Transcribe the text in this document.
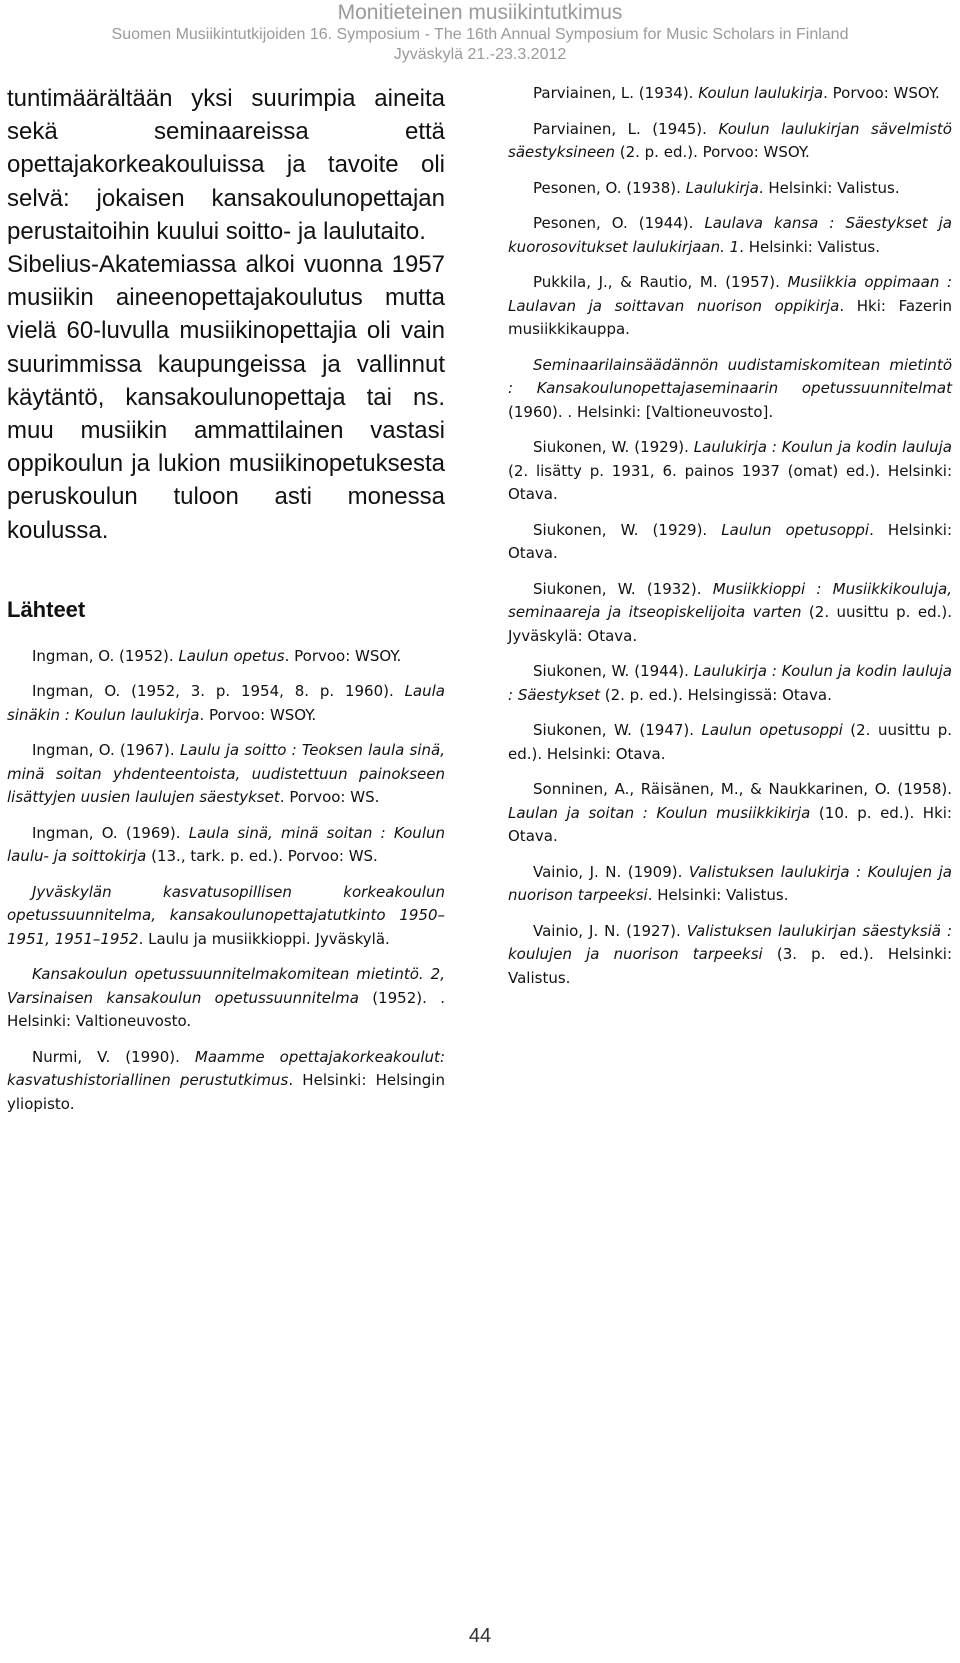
Monitieteinen musiikintutkimus
Suomen Musiikintutkijoiden 16. Symposium - The 16th Annual Symposium for Music Scholars in Finland
Jyväskylä 21.-23.3.2012

tuntimäärältään yksi suurimpia aineita sekä seminaareissa että opettajakorkeakouluissa ja tavoite oli selvä: jokaisen kansakoulunopettajan perustaitoihin kuului soitto- ja laulutaito.

Sibelius-Akatemiassa alkoi vuonna 1957 musiikin aineenopettajakoulutus mutta vielä 60-luvulla musiikinopettajia oli vain suurimmissa kaupungeissa ja vallinnut käytäntö, kansakoulunopettaja tai ns. muu musiikin ammattilainen vastasi oppikoulun ja lukion musiikinopetuksesta peruskoulun tuloon asti monessa koulussa.

Lähteet

Ingman, O. (1952). Laulun opetus. Porvoo: WSOY.

Ingman, O. (1952, 3. p. 1954, 8. p. 1960). Laula sinäkin : Koulun laulukirja. Porvoo: WSOY.

Ingman, O. (1967). Laulu ja soitto : Teoksen laula sinä, minä soitan yhdenteentoista, uudistettuun painokseen lisättyjen uusien laulujen säestykset. Porvoo: WS.

Ingman, O. (1969). Laula sinä, minä soitan : Koulun laulu- ja soittokirja (13., tark. p. ed.). Porvoo: WS.

Jyväskylän kasvatusopillisen korkeakoulun opetussuunnitelma, kansakoulunopettajatutkinto 1950–1951, 1951–1952. Laulu ja musiikkioppi. Jyväskylä.

Kansakoulun opetussuunnitelmakomitean mietintö. 2, Varsinaisen kansakoulun opetussuunnitelma (1952). . Helsinki: Valtioneuvosto.

Nurmi, V. (1990). Maamme opettajakorkeakoulut: kasvatushistoriallinen perustutkimus. Helsinki: Helsingin yliopisto.

Parviainen, L. (1934). Koulun laulukirja. Porvoo: WSOY.

Parviainen, L. (1945). Koulun laulukirjan sävelmistö säestyksineen (2. p. ed.). Porvoo: WSOY.

Pesonen, O. (1938). Laulukirja. Helsinki: Valistus.

Pesonen, O. (1944). Laulava kansa : Säestykset ja kuorosovitukset laulukirjaan. 1. Helsinki: Valistus.

Pukkila, J., & Rautio, M. (1957). Musiikkia oppimaan : Laulavan ja soittavan nuorison oppikirja. Hki: Fazerin musiikkikauppa.

Seminaarilainsäädännön uudistamiskomitean mietintö : Kansakoulunopettajaseminaarin opetussuunnitelmat (1960). . Helsinki: [Valtioneuvosto].

Siukonen, W. (1929). Laulukirja : Koulun ja kodin lauluja (2. lisätty p. 1931, 6. painos 1937 (omat) ed.). Helsinki: Otava.

Siukonen, W. (1929). Laulun opetusoppi. Helsinki: Otava.

Siukonen, W. (1932). Musiikkioppi : Musiikkikouluja, seminaareja ja itseopiskelijoita varten (2. uusittu p. ed.). Jyväskylä: Otava.

Siukonen, W. (1944). Laulukirja : Koulun ja kodin lauluja : Säestykset (2. p. ed.). Helsingissä: Otava.

Siukonen, W. (1947). Laulun opetusoppi (2. uusittu p. ed.). Helsinki: Otava.

Sonninen, A., Räisänen, M., & Naukkarinen, O. (1958). Laulan ja soitan : Koulun musiikkikirja (10. p. ed.). Hki: Otava.

Vainio, J. N. (1909). Valistuksen laulukirja : Koulujen ja nuorison tarpeeksi. Helsinki: Valistus.

Vainio, J. N. (1927). Valistuksen laulukirjan säestyksiä : koulujen ja nuorison tarpeeksi (3. p. ed.). Helsinki: Valistus.

44
